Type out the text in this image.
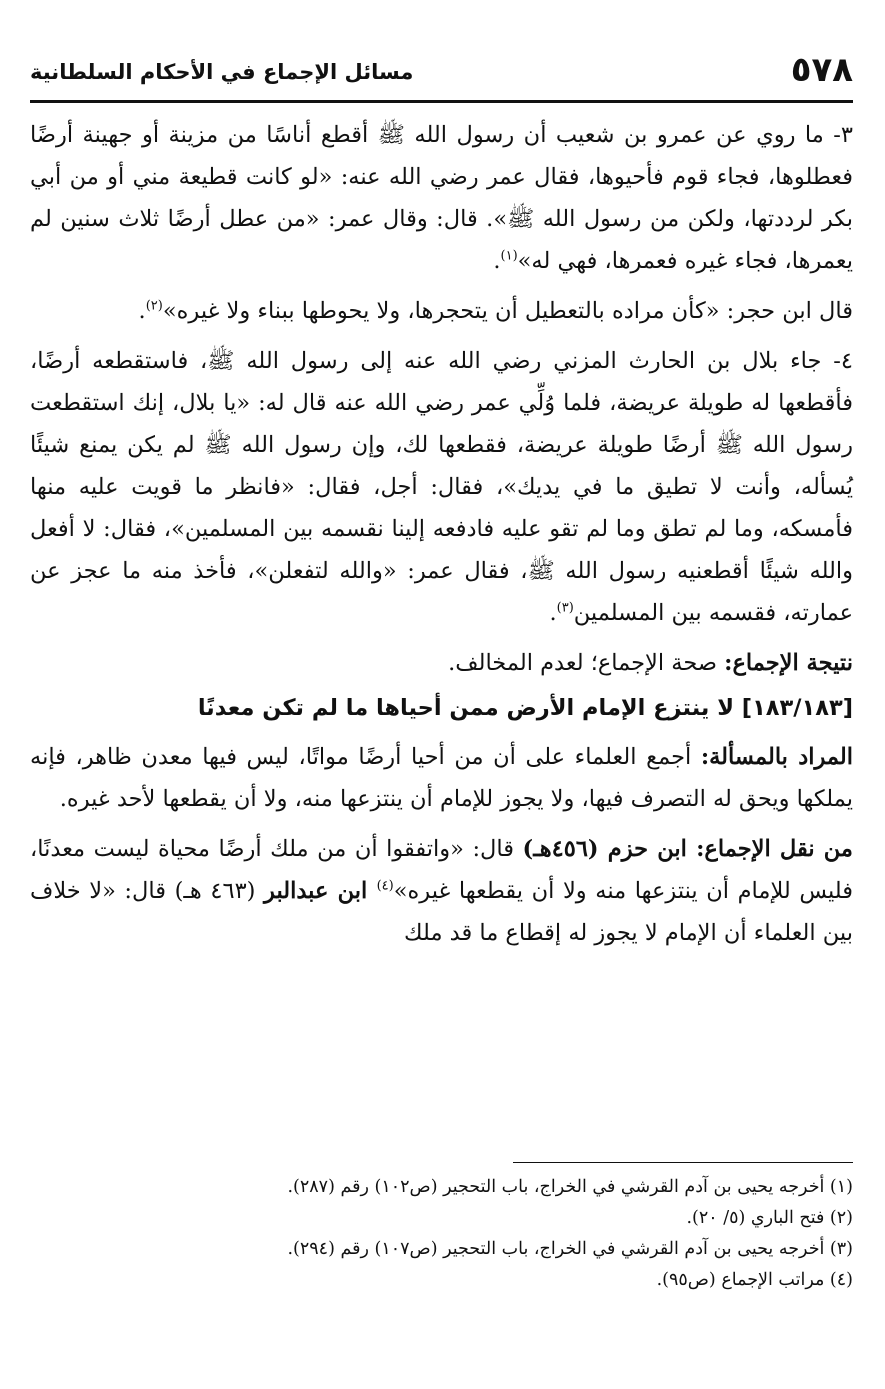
٥٧٨
مسائل الإجماع في الأحكام السلطانية

٣- ما روي عن عمرو بن شعيب أن رسول الله ﷺ أقطع أناسًا من مزينة أو جهينة أرضًا فعطلوها، فجاء قوم فأحيوها، فقال عمر رضي الله عنه: «لو كانت قطيعة مني أو من أبي بكر لرددتها، ولكن من رسول الله ﷺ». قال: وقال عمر: «من عطل أرضًا ثلاث سنين لم يعمرها، فجاء غيره فعمرها، فهي له»$^{(١)}$.

قال ابن حجر: «كأن مراده بالتعطيل أن يتحجرها، ولا يحوطها ببناء ولا غيره»$^{(٢)}$.

٤- جاء بلال بن الحارث المزني رضي الله عنه إلى رسول الله ﷺ، فاستقطعه أرضًا، فأقطعها له طويلة عريضة، فلما وُلِّي عمر رضي الله عنه قال له: «يا بلال، إنك استقطعت رسول الله ﷺ أرضًا طويلة عريضة، فقطعها لك، وإن رسول الله ﷺ لم يكن يمنع شيئًا يُسأله، وأنت لا تطيق ما في يديك»، فقال: أجل، فقال: «فانظر ما قويت عليه منها فأمسكه، وما لم تطق وما لم تقو عليه فادفعه إلينا نقسمه بين المسلمين»، فقال: لا أفعل والله شيئًا أقطعنيه رسول الله ﷺ، فقال عمر: «والله لتفعلن»، فأخذ منه ما عجز عن عمارته، فقسمه بين المسلمين$^{(٣)}$.

نتيجة الإجماع: صحة الإجماع؛ لعدم المخالف.

[١٨٣/١٨٣] لا ينتزع الإمام الأرض ممن أحياها ما لم تكن معدنًا

المراد بالمسألة: أجمع العلماء على أن من أحيا أرضًا مواتًا، ليس فيها معدن ظاهر، فإنه يملكها ويحق له التصرف فيها، ولا يجوز للإمام أن ينتزعها منه، ولا أن يقطعها لأحد غيره.

من نقل الإجماع: ابن حزم (٤٥٦هـ) قال: «واتفقوا أن من ملك أرضًا محياة ليست معدنًا، فليس للإمام أن ينتزعها منه ولا أن يقطعها غيره»$^{(٤)}$ ابن عبدالبر (٤٦٣ هـ) قال: «لا خلاف بين العلماء أن الإمام لا يجوز له إقطاع ما قد ملك

(١) أخرجه يحيى بن آدم القرشي في الخراج، باب التحجير (ص١٠٢) رقم (٢٨٧).
(٢) فتح الباري (٥/ ٢٠).
(٣) أخرجه يحيى بن آدم القرشي في الخراج، باب التحجير (ص١٠٧) رقم (٢٩٤).
(٤) مراتب الإجماع (ص٩٥).
